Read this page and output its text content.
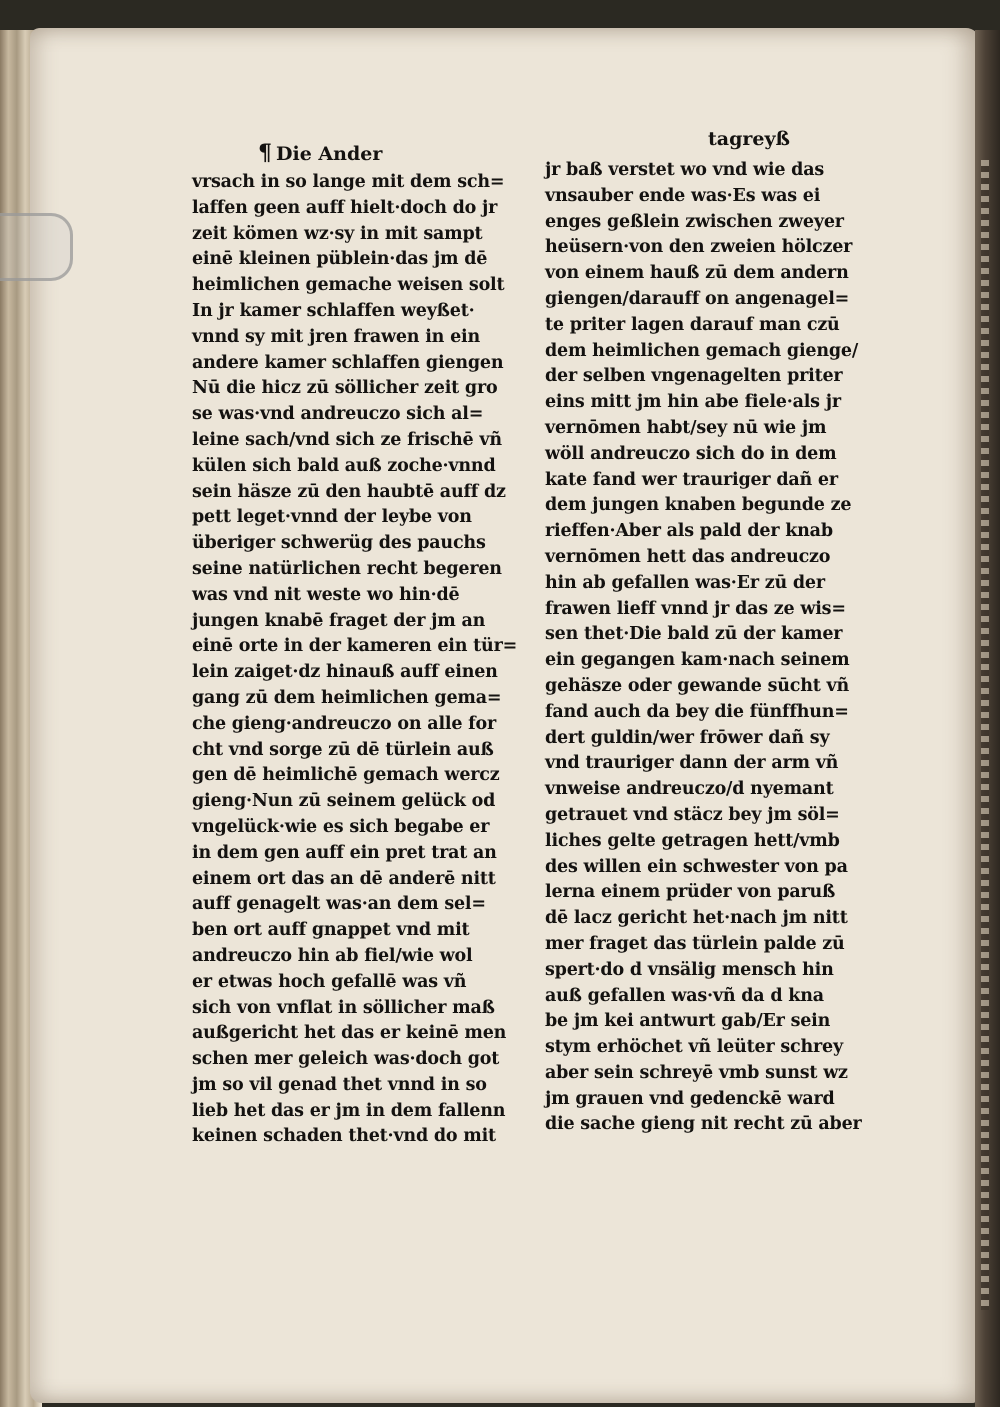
¶ Die Ander
tagreyß
vrsach in so lange mit dem sch=
laffen geen auff hielt·doch do jr
zeit kömen wz·sy in mit sampt
einē kleinen püblein·das jm dē
heimlichen gemache weisen solt
In jr kamer schlaffen weyßet·
vnnd sy mit jren frawen in ein
andere kamer schlaffen giengen
Nū die hicz zū söllicher zeit gro
se was·vnd andreuczo sich al=
leine sach/vnd sich ze frischē vñ
külen sich bald auß zoche·vnnd
sein häsze zū den haubtē auff dz
pett leget·vnnd der leybe von
überiger schwerüg des pauchs
seine natürlichen recht begeren
was vnd nit weste wo hin·dē
jungen knabē fraget der jm an
einē orte in der kameren ein tür=
lein zaiget·dz hinauß auff einen
gang zū dem heimlichen gema=
che gieng·andreuczo on alle for
cht vnd sorge zū dē türlein auß
gen dē heimlichē gemach wercz
gieng·Nun zū seinem gelück od
vngelück·wie es sich begabe er
in dem gen auff ein pret trat an
einem ort das an dē anderē nitt
auff genagelt was·an dem sel=
ben ort auff gnappet vnd mit
andreuczo hin ab fiel/wie wol
er etwas hoch gefallē was vñ
sich von vnflat in söllicher maß
außgericht het das er keinē men
schen mer geleich was·doch got
jm so vil genad thet vnnd in so
lieb het das er jm in dem fallenn
keinen schaden thet·vnd do mit
jr baß verstet wo vnd wie das
vnsauber ende was·Es was ei
enges geßlein zwischen zweyer
heüsern·von den zweien hölczer
von einem hauß zū dem andern
giengen/darauff on angenagel=
te priter lagen darauf man czū
dem heimlichen gemach gienge/
der selben vngenagelten priter
eins mitt jm hin abe fiele·als jr
vernōmen habt/sey nū wie jm
wöll andreuczo sich do in dem
kate fand wer trauriger dañ er
dem jungen knaben begunde ze
rieffen·Aber als pald der knab
vernōmen hett das andreuczo
hin ab gefallen was·Er zū der
frawen lieff vnnd jr das ze wis=
sen thet·Die bald zū der kamer
ein gegangen kam·nach seinem
gehäsze oder gewande sūcht vñ
fand auch da bey die fünffhun=
dert guldin/wer frōwer dañ sy
vnd trauriger dann der arm vñ
vnweise andreuczo/d nyemant
getrauet vnd stäcz bey jm söl=
liches gelte getragen hett/vmb
des willen ein schwester von pa
lerna einem prüder von paruß
dē lacz gericht het·nach jm nitt
mer fraget das türlein palde zū
spert·do d vnsälig mensch hin
auß gefallen was·vñ da d kna
be jm kei antwurt gab/Er sein
stym erhöchet vñ leüter schrey
aber sein schreyē vmb sunst wz
jm grauen vnd gedenckē ward
die sache gieng nit recht zū aber
